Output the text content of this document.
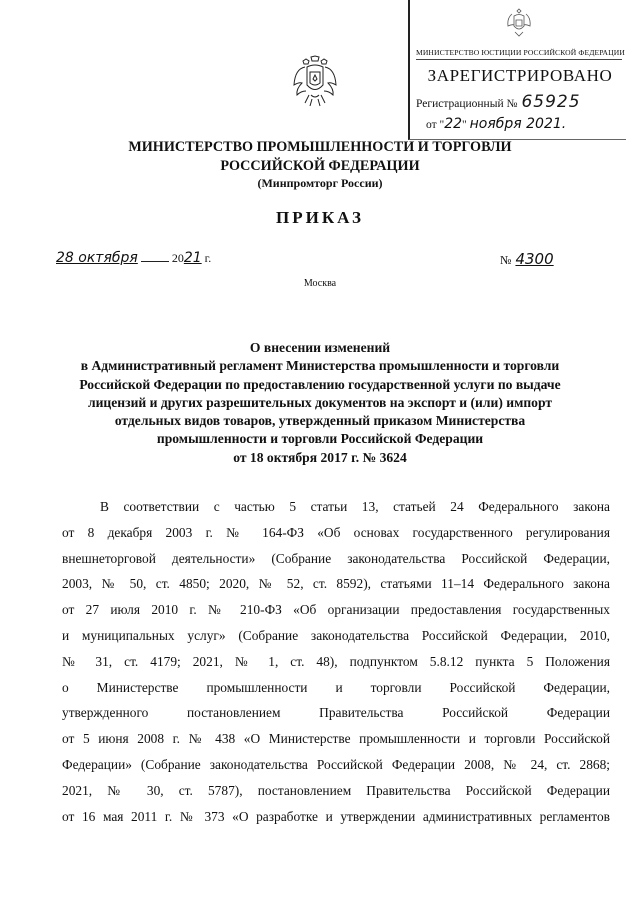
МИНИСТЕРСТВО ЮСТИЦИИ РОССИЙСКОЙ ФЕДЕРАЦИИ
ЗАРЕГИСТРИРОВАНО
Регистрационный № 65925
от "22" ноября 2021.
МИНИСТЕРСТВО ПРОМЫШЛЕННОСТИ И ТОРГОВЛИ
РОССИЙСКОЙ ФЕДЕРАЦИИ
(Минпромторг России)
ПРИКАЗ
28 октября	2021 г.	№ 4300
Москва
О внесении изменений
в Административный регламент Министерства промышленности и торговли
Российской Федерации по предоставлению государственной услуги по выдаче
лицензий и других разрешительных документов на экспорт и (или) импорт
отдельных видов товаров, утвержденный приказом Министерства
промышленности и торговли Российской Федерации
от 18 октября 2017 г. № 3624
В соответствии с частью 5 статьи 13, статьей 24 Федерального закона
от 8 декабря 2003 г. № 164-ФЗ «Об основах государственного регулирования
внешнеторговой деятельности» (Собрание законодательства Российской Федерации,
2003, № 50, ст. 4850; 2020, № 52, ст. 8592), статьями 11–14 Федерального закона
от 27 июля 2010 г. № 210-ФЗ «Об организации предоставления государственных
и муниципальных услуг» (Собрание законодательства Российской Федерации, 2010,
№ 31, ст. 4179; 2021, № 1, ст. 48), подпунктом 5.8.12 пункта 5 Положения
о Министерстве промышленности и торговли Российской Федерации,
утвержденного постановлением Правительства Российской Федерации
от 5 июня 2008 г. № 438 «О Министерстве промышленности и торговли Российской
Федерации» (Собрание законодательства Российской Федерации 2008, № 24, ст. 2868;
2021, № 30, ст. 5787), постановлением Правительства Российской Федерации
от 16 мая 2011 г. № 373 «О разработке и утверждении административных регламентов
